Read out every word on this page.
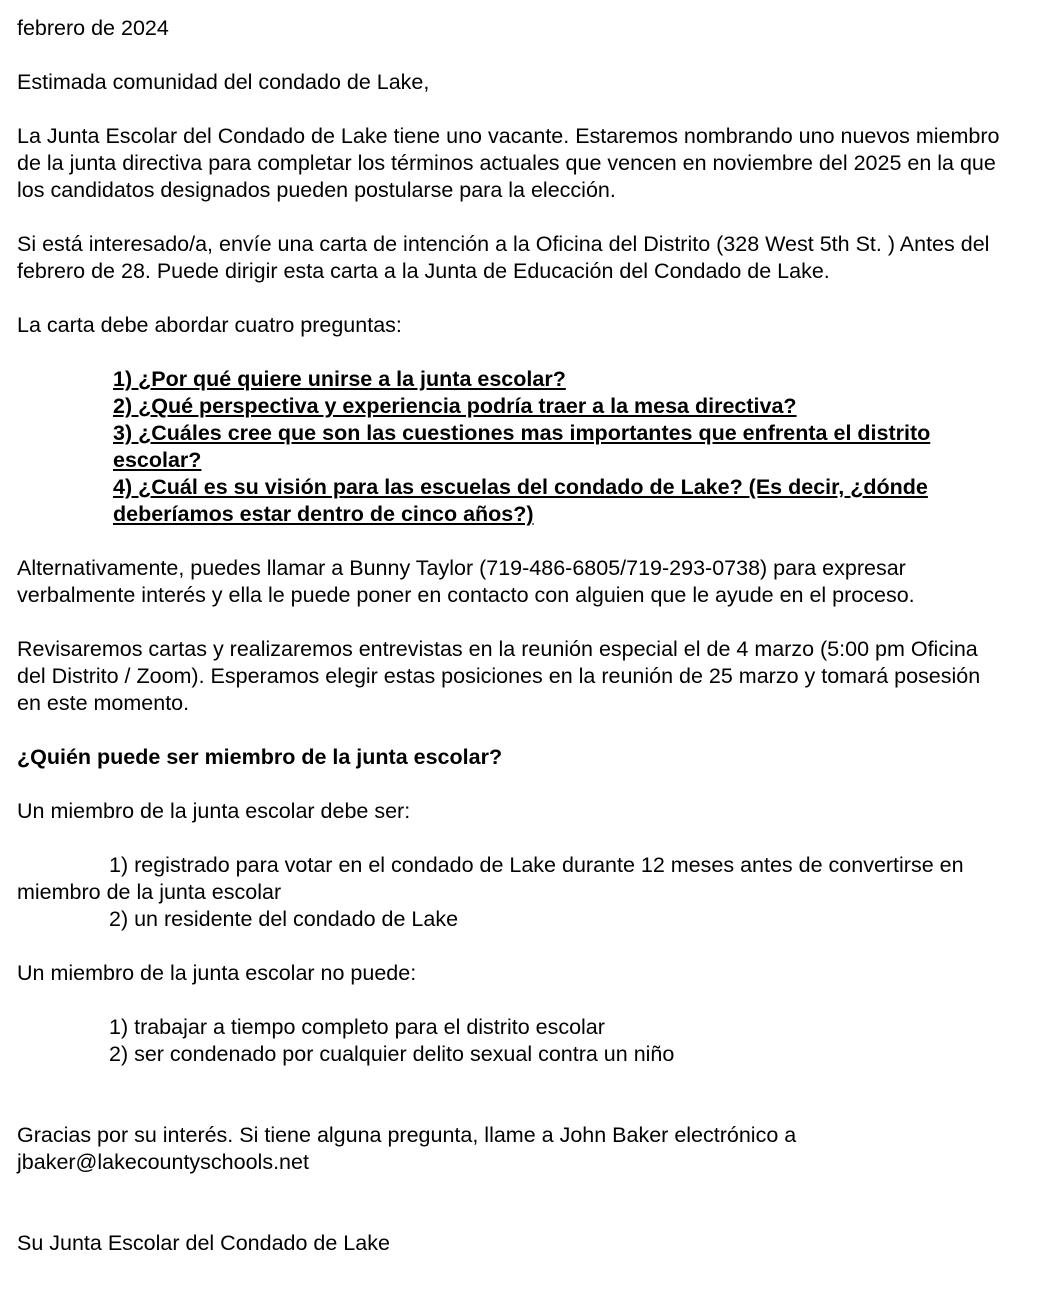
febrero de 2024

Estimada comunidad del condado de Lake,

La Junta Escolar del Condado de Lake tiene uno vacante. Estaremos nombrando uno nuevos miembro de la junta directiva para completar los términos actuales que vencen en noviembre del 2025 en la que los candidatos designados pueden postularse para la elección.

Si está interesado/a, envíe una carta de intención a la Oficina del Distrito (328 West 5th St. ) Antes del febrero de 28. Puede dirigir esta carta a la Junta de Educación del Condado de Lake.

La carta debe abordar cuatro preguntas:

1) ¿Por qué quiere unirse a la junta escolar?
2) ¿Qué perspectiva y experiencia podría traer a la mesa directiva?
3) ¿Cuáles cree que son las cuestiones mas importantes que enfrenta el distrito escolar?
4) ¿Cuál es su visión para las escuelas del condado de Lake? (Es decir, ¿dónde deberíamos estar dentro de cinco años?)

Alternativamente, puedes llamar a Bunny Taylor (719-486-6805/719-293-0738) para expresar verbalmente interés y ella le puede poner en contacto con alguien que le ayude en el proceso.

Revisaremos cartas y realizaremos entrevistas en la reunión especial el de 4 marzo (5:00 pm Oficina del Distrito / Zoom). Esperamos elegir estas posiciones en la reunión de 25 marzo y tomará posesión en este momento.

¿Quién puede ser miembro de la junta escolar?

Un miembro de la junta escolar debe ser:

1) registrado para votar en el condado de Lake durante 12 meses antes de convertirse en miembro de la junta escolar

2) un residente del condado de Lake

Un miembro de la junta escolar no puede:

1) trabajar a tiempo completo para el distrito escolar

2) ser condenado por cualquier delito sexual contra un niño

Gracias por su interés. Si tiene alguna pregunta, llame a John Baker electrónico a jbaker@lakecountyschools.net

Su Junta Escolar del Condado de Lake
